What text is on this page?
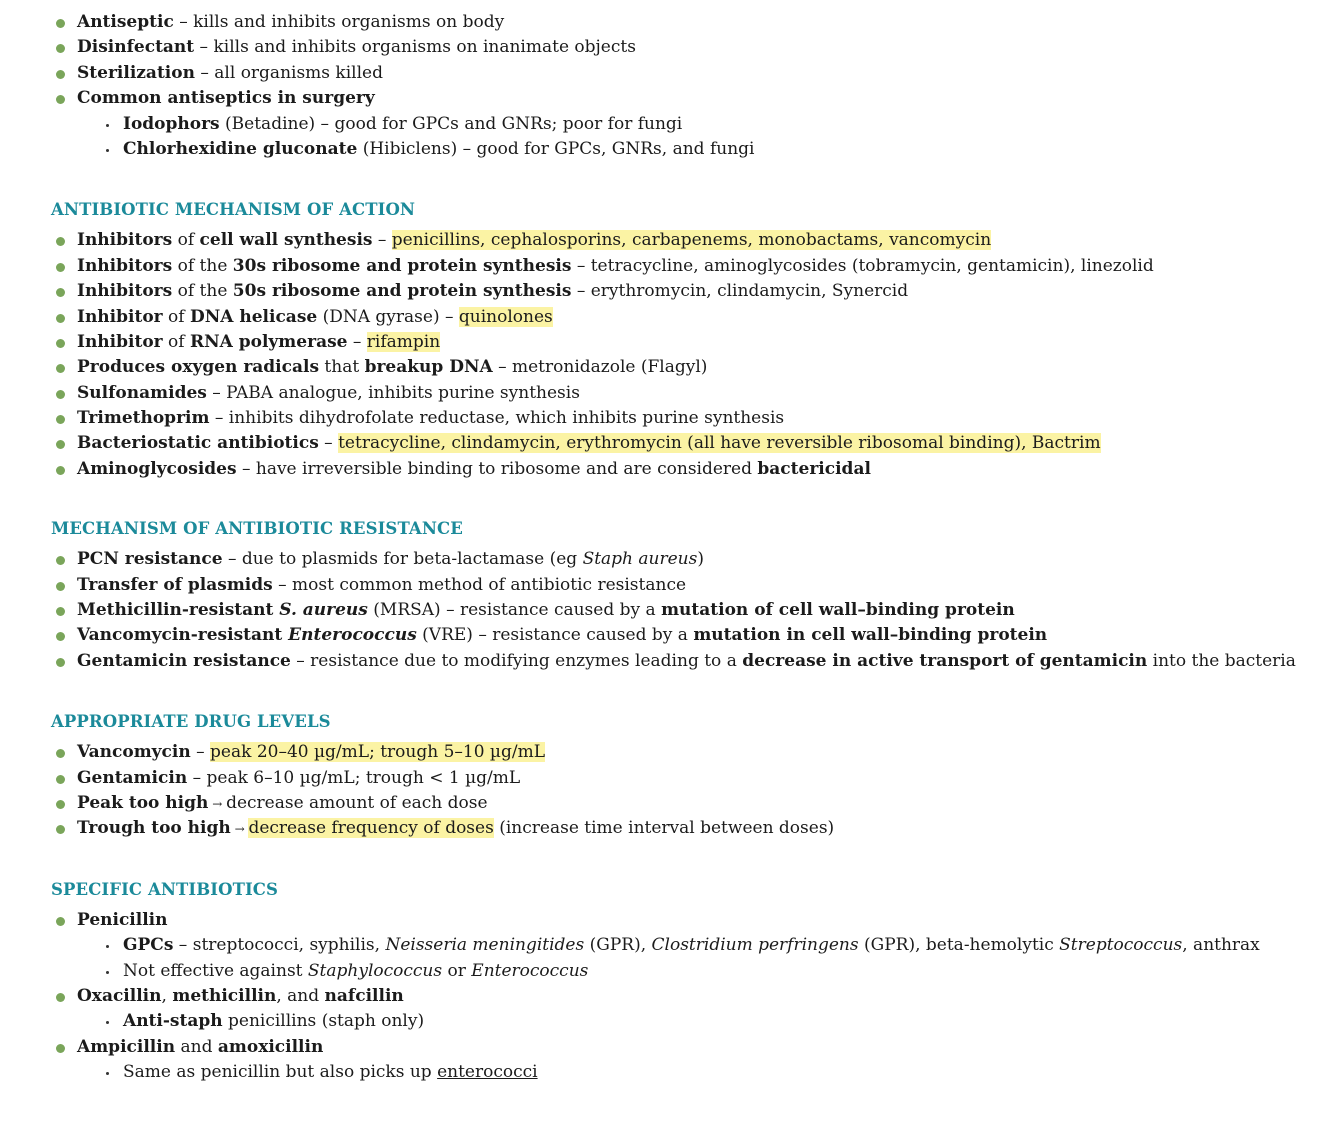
Antiseptic – kills and inhibits organisms on body
Disinfectant – kills and inhibits organisms on inanimate objects
Sterilization – all organisms killed
Common antiseptics in surgery
Iodophors (Betadine) – good for GPCs and GNRs; poor for fungi
Chlorhexidine gluconate (Hibiclens) – good for GPCs, GNRs, and fungi
ANTIBIOTIC MECHANISM OF ACTION
Inhibitors of cell wall synthesis – penicillins, cephalosporins, carbapenems, monobactams, vancomycin
Inhibitors of the 30s ribosome and protein synthesis – tetracycline, aminoglycosides (tobramycin, gentamicin), linezolid
Inhibitors of the 50s ribosome and protein synthesis – erythromycin, clindamycin, Synercid
Inhibitor of DNA helicase (DNA gyrase) – quinolones
Inhibitor of RNA polymerase – rifampin
Produces oxygen radicals that breakup DNA – metronidazole (Flagyl)
Sulfonamides – PABA analogue, inhibits purine synthesis
Trimethoprim – inhibits dihydrofolate reductase, which inhibits purine synthesis
Bacteriostatic antibiotics – tetracycline, clindamycin, erythromycin (all have reversible ribosomal binding), Bactrim
Aminoglycosides – have irreversible binding to ribosome and are considered bactericidal
MECHANISM OF ANTIBIOTIC RESISTANCE
PCN resistance – due to plasmids for beta-lactamase (eg Staph aureus)
Transfer of plasmids – most common method of antibiotic resistance
Methicillin-resistant S. aureus (MRSA) – resistance caused by a mutation of cell wall–binding protein
Vancomycin-resistant Enterococcus (VRE) – resistance caused by a mutation in cell wall–binding protein
Gentamicin resistance – resistance due to modifying enzymes leading to a decrease in active transport of gentamicin into the bacteria
APPROPRIATE DRUG LEVELS
Vancomycin – peak 20–40 µg/mL; trough 5–10 µg/mL
Gentamicin – peak 6–10 µg/mL; trough < 1 µg/mL
Peak too high → decrease amount of each dose
Trough too high → decrease frequency of doses (increase time interval between doses)
SPECIFIC ANTIBIOTICS
Penicillin
GPCs – streptococci, syphilis, Neisseria meningitides (GPR), Clostridium perfringens (GPR), beta-hemolytic Streptococcus, anthrax
Not effective against Staphylococcus or Enterococcus
Oxacillin, methicillin, and nafcillin
Anti-staph penicillins (staph only)
Ampicillin and amoxicillin
Same as penicillin but also picks up enterococci
